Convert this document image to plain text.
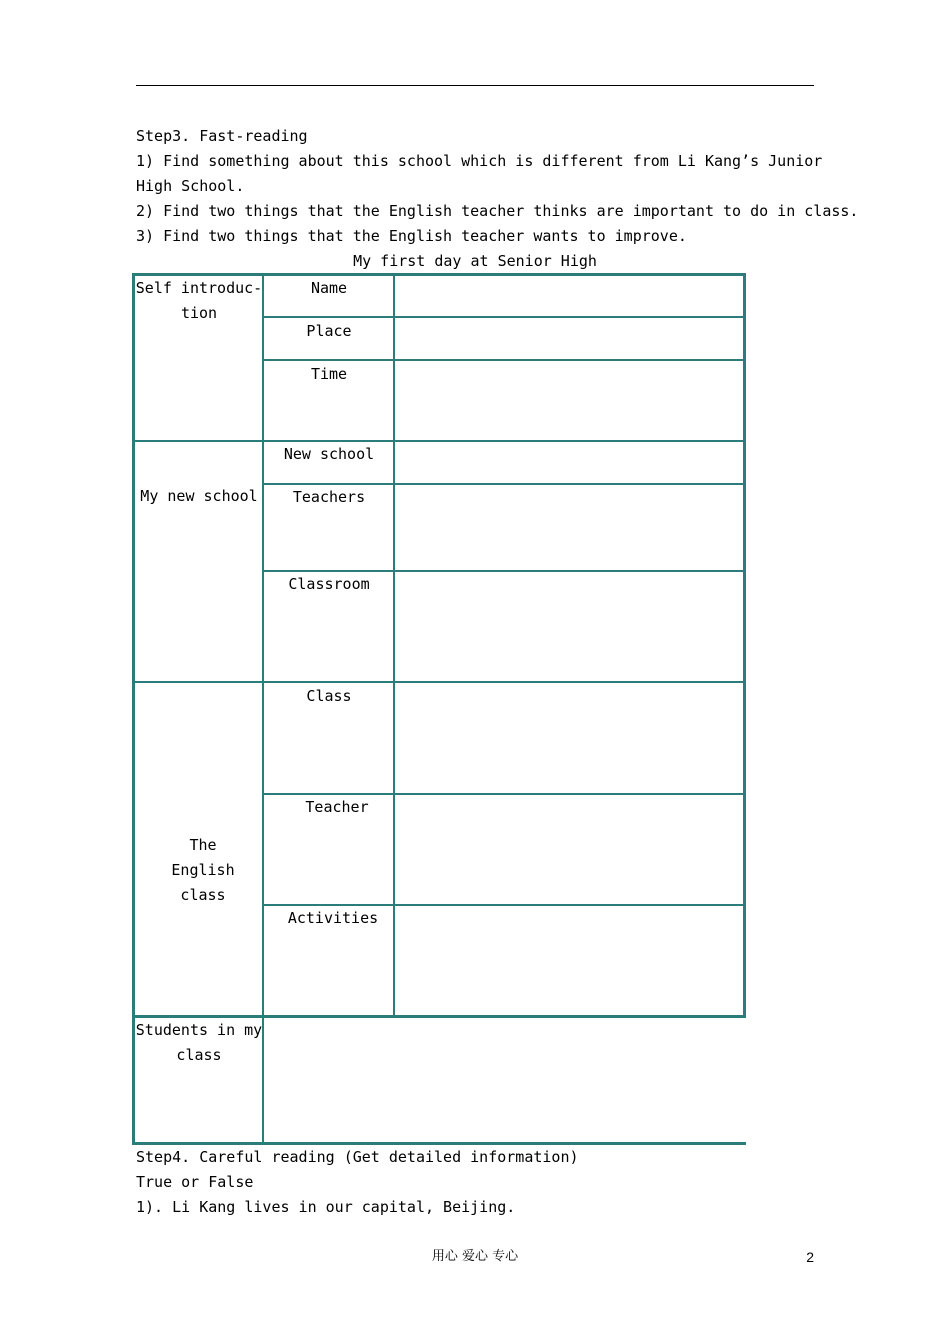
Step3. Fast-reading
1) Find something about this school which is different from Li Kang’s Junior
High School.
2) Find two things that the English teacher thinks are important to do in class.
3) Find two things that the English teacher wants to improve.
My first day at Senior High
Self introduc-tion
My new school
The
English
class
Students in my class
Name
Place
Time
New school
Teachers
Classroom
Class
Teacher
Activities
Step4. Careful reading (Get detailed information)
True or False
1). Li Kang lives in our capital, Beijing.
用心 爱心 专心	2
